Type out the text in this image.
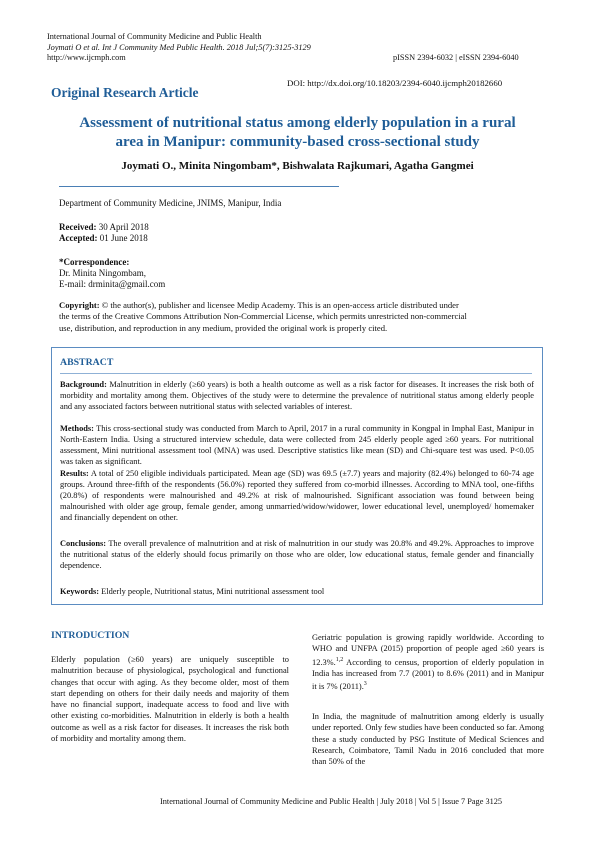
International Journal of Community Medicine and Public Health
Joymati O et al. Int J Community Med Public Health. 2018 Jul;5(7):3125-3129
http://www.ijcmph.com	pISSN 2394-6032 | eISSN 2394-6040
DOI: http://dx.doi.org/10.18203/2394-6040.ijcmph20182660
Original Research Article
Assessment of nutritional status among elderly population in a rural
area in Manipur: community-based cross-sectional study
Joymati O., Minita Ningombam*, Bishwalata Rajkumari, Agatha Gangmei
Department of Community Medicine, JNIMS, Manipur, India
Received: 30 April 2018
Accepted: 01 June 2018
*Correspondence:
Dr. Minita Ningombam,
E-mail: drminita@gmail.com
Copyright: © the author(s), publisher and licensee Medip Academy. This is an open-access article distributed under
the terms of the Creative Commons Attribution Non-Commercial License, which permits unrestricted non-commercial
use, distribution, and reproduction in any medium, provided the original work is properly cited.
ABSTRACT
Background: Malnutrition in elderly (≥60 years) is both a health outcome as well as a risk factor for diseases. It increases the risk both of morbidity and mortality among them. Objectives of the study were to determine the prevalence of nutritional status among elderly people and any associated factors between nutritional status with selected variables of interest.
Methods: This cross-sectional study was conducted from March to April, 2017 in a rural community in Kongpal in Imphal East, Manipur in North-Eastern India. Using a structured interview schedule, data were collected from 245 elderly people aged ≥60 years. For nutritional assessment, Mini nutritional assessment tool (MNA) was used. Descriptive statistics like mean (SD) and Chi-square test was used. P<0.05 was taken as significant.
Results: A total of 250 eligible individuals participated. Mean age (SD) was 69.5 (±7.7) years and majority (82.4%) belonged to 60-74 age groups. Around three-fifth of the respondents (56.0%) reported they suffered from co-morbid illnesses. According to MNA tool, one-fifths (20.8%) of respondents were malnourished and 49.2% at risk of malnourished. Significant association was found between being malnourished with older age group, female gender, among unmarried/widow/widower, lower educational level, unemployed/ homemaker and financially dependent on other.
Conclusions: The overall prevalence of malnutrition and at risk of malnutrition in our study was 20.8% and 49.2%. Approaches to improve the nutritional status of the elderly should focus primarily on those who are older, low educational status, female gender and financially dependence.
Keywords: Elderly people, Nutritional status, Mini nutritional assessment tool
INTRODUCTION
Elderly population (≥60 years) are uniquely susceptible to malnutrition because of physiological, psychological and functional changes that occur with aging. As they become older, most of them start depending on others for their daily needs and majority of them have no financial support, inadequate access to food and live with other existing co-morbidities. Malnutrition in elderly is both a health outcome as well as a risk factor for diseases. It increases the risk both of morbidity and mortality among them.
Geriatric population is growing rapidly worldwide. According to WHO and UNFPA (2015) proportion of people aged ≥60 years is 12.3%.$^{1,2}$ According to census, proportion of elderly population in India has increased from 7.7 (2001) to 8.6% (2011) and in Manipur it is 7% (2011).$^3$
In India, the magnitude of malnutrition among elderly is usually under reported. Only few studies have been conducted so far. Among these a study conducted by PSG Institute of Medical Sciences and Research, Coimbatore, Tamil Nadu in 2016 concluded that more than 50% of the
International Journal of Community Medicine and Public Health | July 2018 | Vol 5 | Issue 7 Page 3125
